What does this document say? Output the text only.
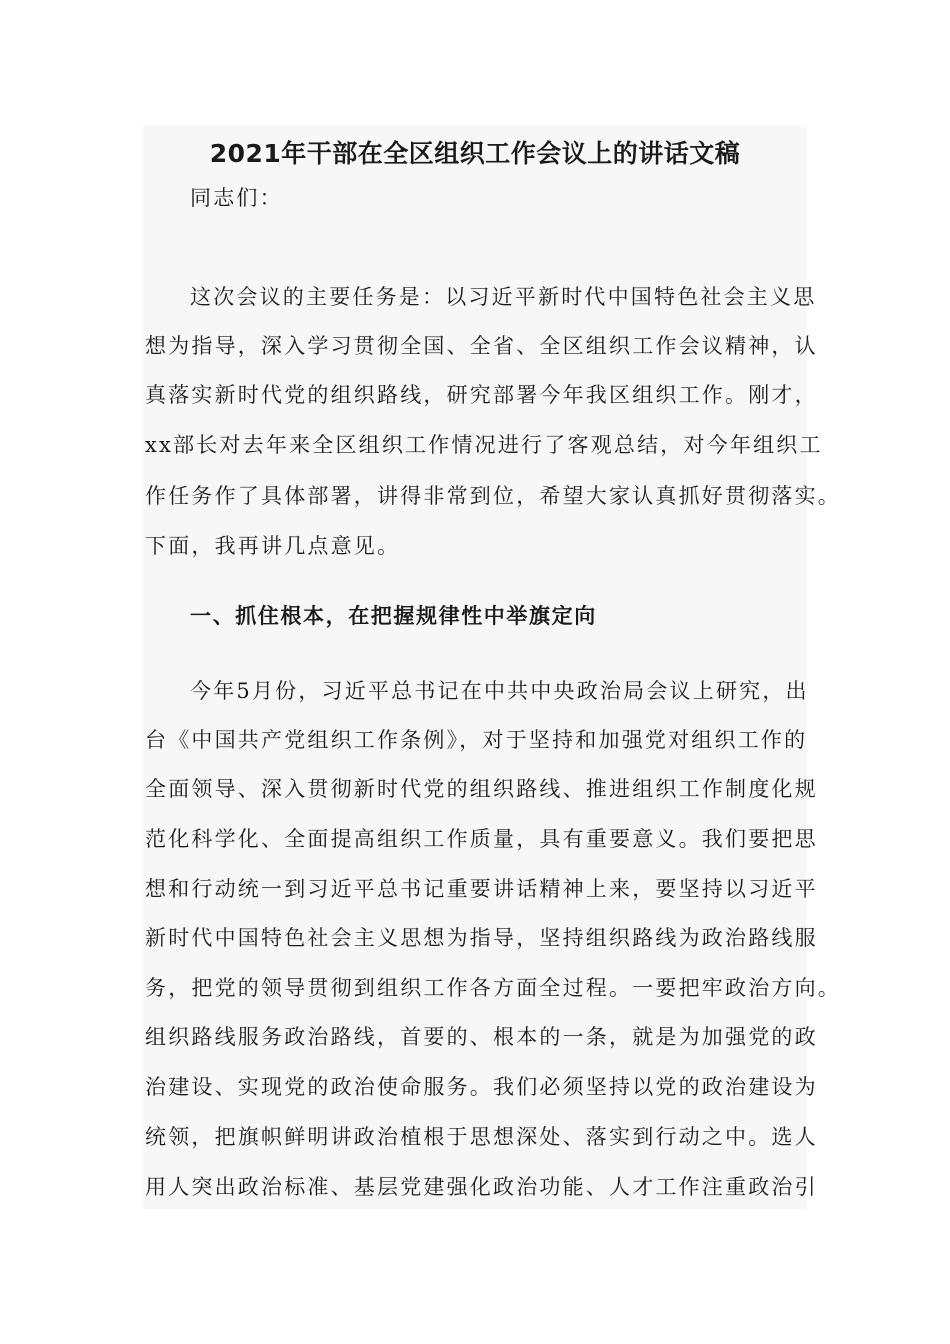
2021年干部在全区组织工作会议上的讲话文稿

同志们：

这次会议的主要任务是：以习近平新时代中国特色社会主义思

想为指导，深入学习贯彻全国、全省、全区组织工作会议精神，认

真落实新时代党的组织路线，研究部署今年我区组织工作。刚才，

xx部长对去年来全区组织工作情况进行了客观总结，对今年组织工

作任务作了具体部署，讲得非常到位，希望大家认真抓好贯彻落实。

下面，我再讲几点意见。

一、抓住根本，在把握规律性中举旗定向

今年5月份，习近平总书记在中共中央政治局会议上研究，出

台《中国共产党组织工作条例》，对于坚持和加强党对组织工作的

全面领导、深入贯彻新时代党的组织路线、推进组织工作制度化规

范化科学化、全面提高组织工作质量，具有重要意义。我们要把思

想和行动统一到习近平总书记重要讲话精神上来，要坚持以习近平

新时代中国特色社会主义思想为指导，坚持组织路线为政治路线服

务，把党的领导贯彻到组织工作各方面全过程。一要把牢政治方向。

组织路线服务政治路线，首要的、根本的一条，就是为加强党的政

治建设、实现党的政治使命服务。我们必须坚持以党的政治建设为

统领，把旗帜鲜明讲政治植根于思想深处、落实到行动之中。选人

用人突出政治标准、基层党建强化政治功能、人才工作注重政治引
